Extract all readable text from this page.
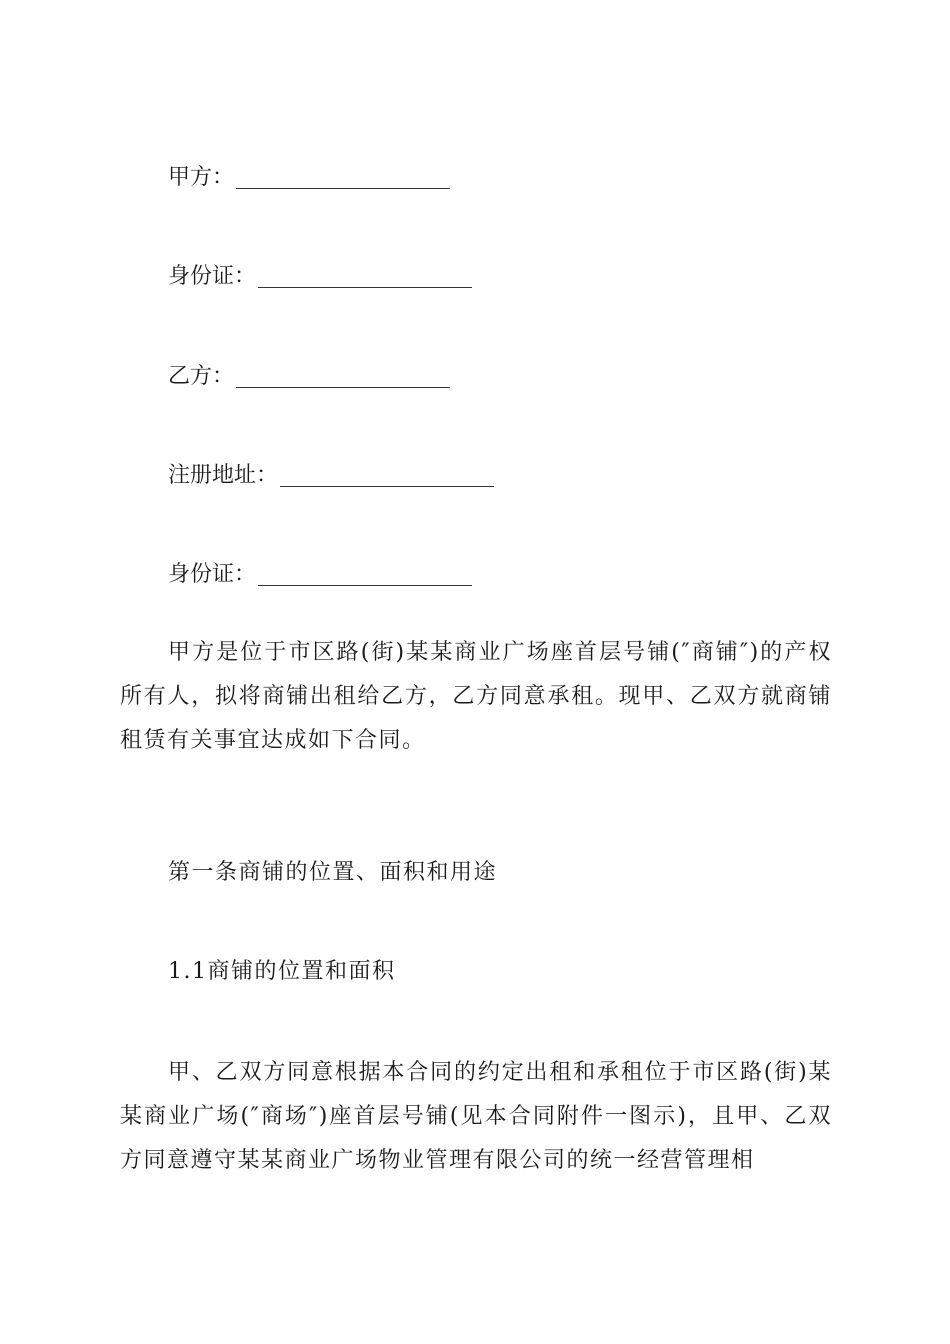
甲方：
身份证：
乙方：
注册地址：
身份证：

甲方是位于市区路(街)某某商业广场座首层号铺(″商铺″)的产权所有人，拟将商铺出租给乙方，乙方同意承租。现甲、乙双方就商铺租赁有关事宜达成如下合同。

第一条商铺的位置、面积和用途
1.1商铺的位置和面积

甲、乙双方同意根据本合同的约定出租和承租位于市区路(街)某某商业广场(″商场″)座首层号铺(见本合同附件一图示)，且甲、乙双方同意遵守某某商业广场物业管理有限公司的统一经营管理相
